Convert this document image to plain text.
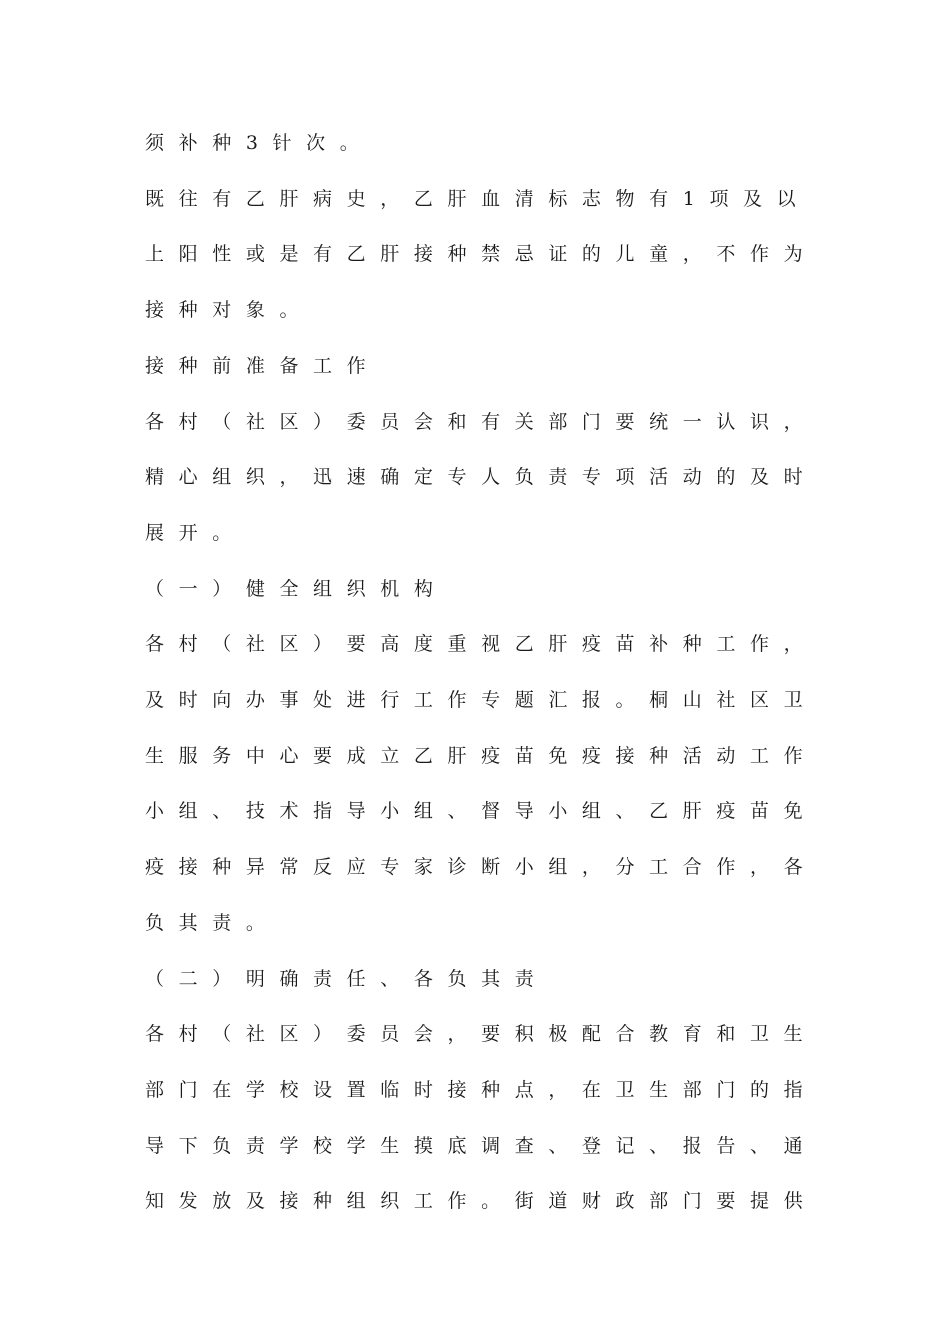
须 补 种 3 针 次 。
既 往 有 乙 肝 病 史 ， 乙 肝 血 清 标 志 物 有 1 项 及 以
上 阳 性 或 是 有 乙 肝 接 种 禁 忌 证 的 儿 童 ， 不 作 为
接 种 对 象 。
接 种 前 准 备 工 作
各 村 （ 社 区 ） 委 员 会 和 有 关 部 门 要 统 一 认 识 ，
精 心 组 织 ， 迅 速 确 定 专 人 负 责 专 项 活 动 的 及 时
展 开 。
（ 一 ） 健 全 组 织 机 构
各 村 （ 社 区 ） 要 高 度 重 视 乙 肝 疫 苗 补 种 工 作 ，
及 时 向 办 事 处 进 行 工 作 专 题 汇 报 。 桐 山 社 区 卫
生 服 务 中 心 要 成 立 乙 肝 疫 苗 免 疫 接 种 活 动 工 作
小 组 、 技 术 指 导 小 组 、 督 导 小 组 、 乙 肝 疫 苗 免
疫 接 种 异 常 反 应 专 家 诊 断 小 组 ， 分 工 合 作 ， 各
负 其 责 。
（ 二 ） 明 确 责 任 、 各 负 其 责
各 村 （ 社 区 ） 委 员 会 ， 要 积 极 配 合 教 育 和 卫 生
部 门 在 学 校 设 置 临 时 接 种 点 ， 在 卫 生 部 门 的 指
导 下 负 责 学 校 学 生 摸 底 调 查 、 登 记 、 报 告 、 通
知 发 放 及 接 种 组 织 工 作 。 街 道 财 政 部 门 要 提 供
